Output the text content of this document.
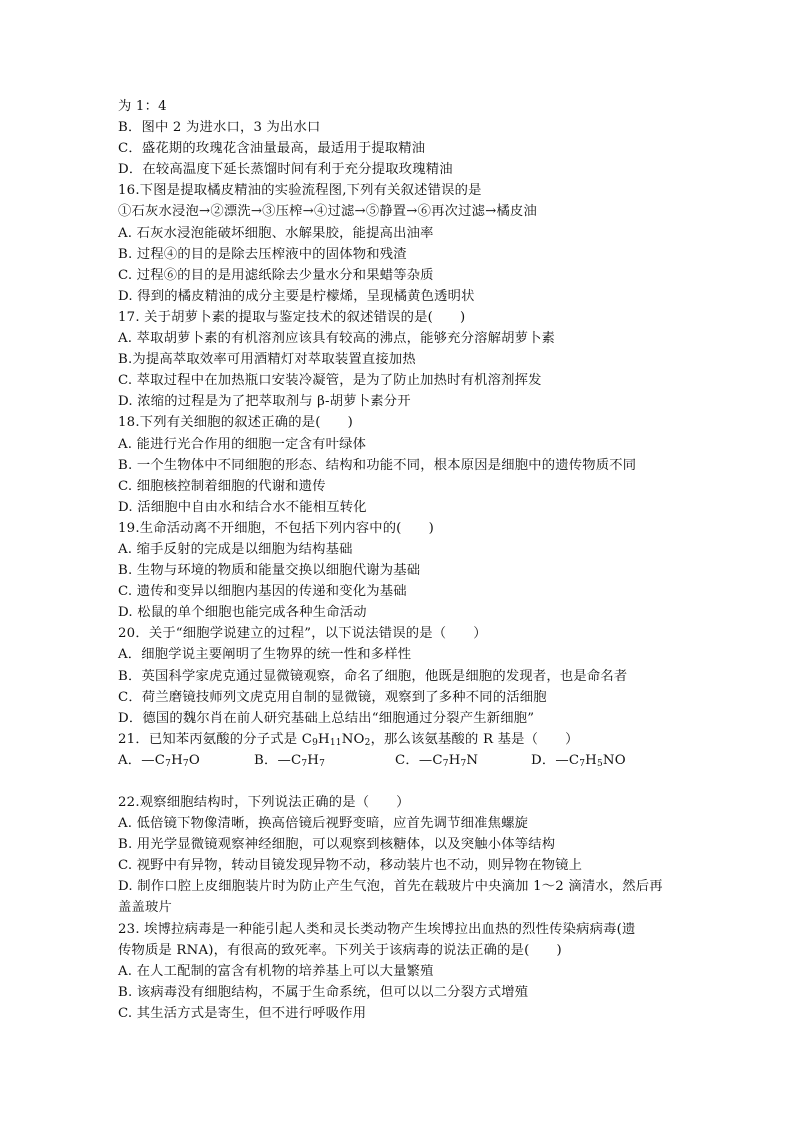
为 1：4
B．图中 2 为进水口，3 为出水口
C．盛花期的玫瑰花含油量最高，最适用于提取精油
D．在较高温度下延长蒸馏时间有利于充分提取玫瑰精油
16.下图是提取橘皮精油的实验流程图,下列有关叙述错误的是
①石灰水浸泡→②漂洗→③压榨→④过滤→⑤静置→⑥再次过滤→橘皮油
A. 石灰水浸泡能破坏细胞、水解果胶，能提高出油率
B. 过程④的目的是除去压榨液中的固体物和残渣
C. 过程⑥的目的是用滤纸除去少量水分和果蜡等杂质
D. 得到的橘皮精油的成分主要是柠檬烯，呈现橘黄色透明状
17. 关于胡萝卜素的提取与鉴定技术的叙述错误的是(　　)
A. 萃取胡萝卜素的有机溶剂应该具有较高的沸点，能够充分溶解胡萝卜素
B.为提高萃取效率可用酒精灯对萃取装置直接加热
C. 萃取过程中在加热瓶口安装冷凝管，是为了防止加热时有机溶剂挥发
D. 浓缩的过程是为了把萃取剂与 β-胡萝卜素分开
18.下列有关细胞的叙述正确的是(　　)
A. 能进行光合作用的细胞一定含有叶绿体
B. 一个生物体中不同细胞的形态、结构和功能不同，根本原因是细胞中的遗传物质不同
C. 细胞核控制着细胞的代谢和遗传
D. 活细胞中自由水和结合水不能相互转化
19.生命活动离不开细胞，不包括下列内容中的(　　)
A. 缩手反射的完成是以细胞为结构基础
B. 生物与环境的物质和能量交换以细胞代谢为基础
C. 遗传和变异以细胞内基因的传递和变化为基础
D. 松鼠的单个细胞也能完成各种生命活动
20．关于“细胞学说建立的过程”，以下说法错误的是（　　）
A．细胞学说主要阐明了生物界的统一性和多样性
B．英国科学家虎克通过显微镜观察，命名了细胞，他既是细胞的发现者，也是命名者
C．荷兰磨镜技师列文虎克用自制的显微镜，观察到了多种不同的活细胞
D．德国的魏尔肖在前人研究基础上总结出“细胞通过分裂产生新细胞”
21．已知苯丙氨酸的分子式是 $C_9H_{11}NO_2$，那么该氨基酸的 R 基是（　　）
A．$—C_7H_7O$	B．$—C_7H_7$	C．$—C_7H_7N$	D．$—C_7H_5NO$
22.观察细胞结构时，下列说法正确的是（　　）
A. 低倍镜下物像清晰，换高倍镜后视野变暗，应首先调节细准焦螺旋
B. 用光学显微镜观察神经细胞，可以观察到核糖体，以及突触小体等结构
C. 视野中有异物，转动目镜发现异物不动，移动装片也不动，则异物在物镜上
D. 制作口腔上皮细胞装片时为防止产生气泡，首先在载玻片中央滴加 1～2 滴清水，然后再
盖盖玻片
23. 埃博拉病毒是一种能引起人类和灵长类动物产生埃博拉出血热的烈性传染病病毒(遗
传物质是 RNA)，有很高的致死率。下列关于该病毒的说法正确的是(　　)
A. 在人工配制的富含有机物的培养基上可以大量繁殖
B. 该病毒没有细胞结构，不属于生命系统，但可以以二分裂方式增殖
C. 其生活方式是寄生，但不进行呼吸作用
